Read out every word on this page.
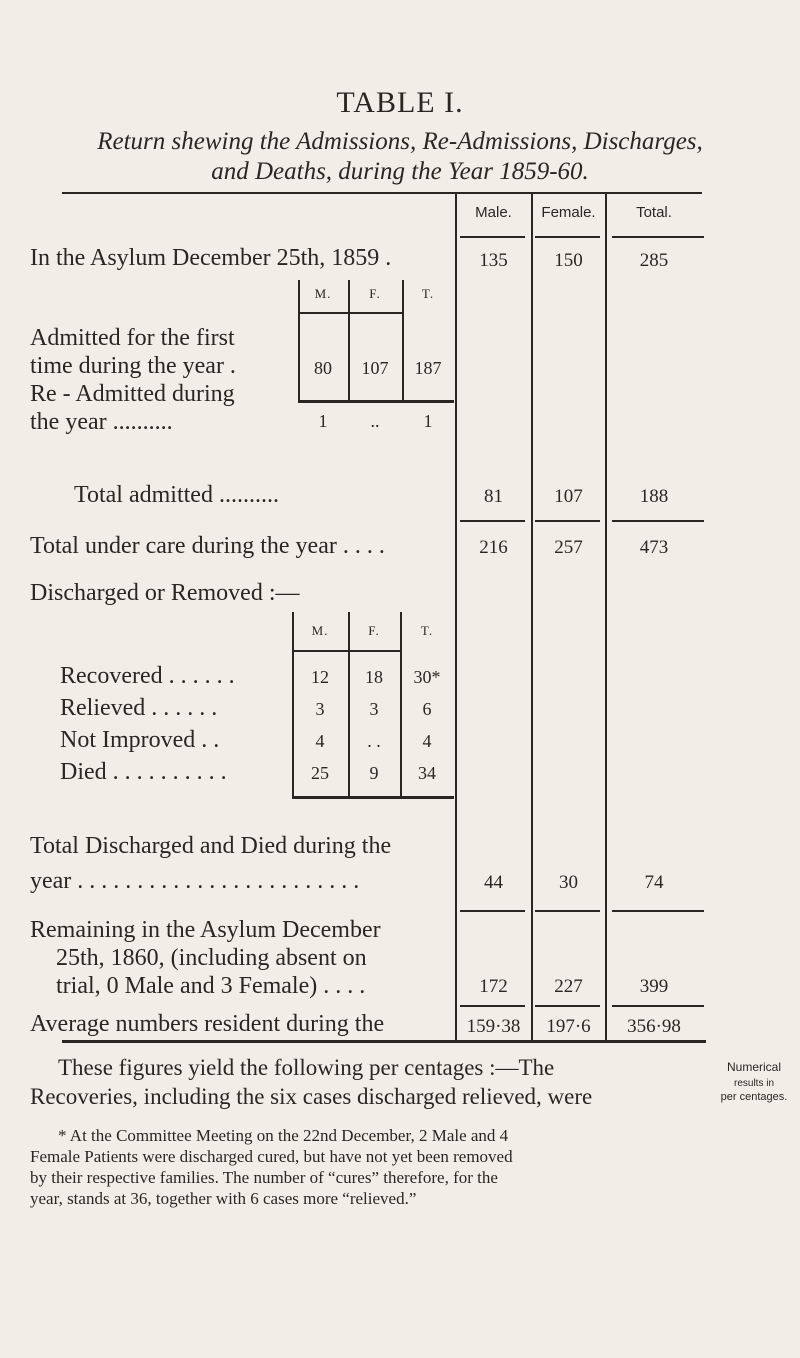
TABLE I.
Return shewing the Admissions, Re-Admissions, Discharges,
and Deaths, during the Year 1859-60.
Male.	Female.	Total.
In the Asylum December 25th, 1859 .	135	150	285
M.	F.	T.
Admitted for the first
time during the year .	80	107	187
Re - Admitted during
the year ..........	1	..	1
Total admitted ..........	81	107	188
Total under care during the year . . . .	216	257	473
Discharged or Removed :—
M.	F.	T.
Recovered . . . . . .	12	18	30*
Relieved . . . . . .	3	3	6
Not Improved . .	4	. .	4
Died . . . . . . . . . .	25	9	34
Total Discharged and Died during the
year . . . . . . . . . . . . . . . . . . . . . . . .	44	30	74
Remaining in the Asylum December
25th, 1860, (including absent on
trial, 0 Male and 3 Female) . . . .	172	227	399
Average numbers resident during the	159·38	197·6	356·98
These figures yield the following per centages :—The
Recoveries, including the six cases discharged relieved, were
Numerical
results in
per centages.
* At the Committee Meeting on the 22nd December, 2 Male and 4
Female Patients were discharged cured, but have not yet been removed
by their respective families. The number of “cures” therefore, for the
year, stands at 36, together with 6 cases more “relieved.”
